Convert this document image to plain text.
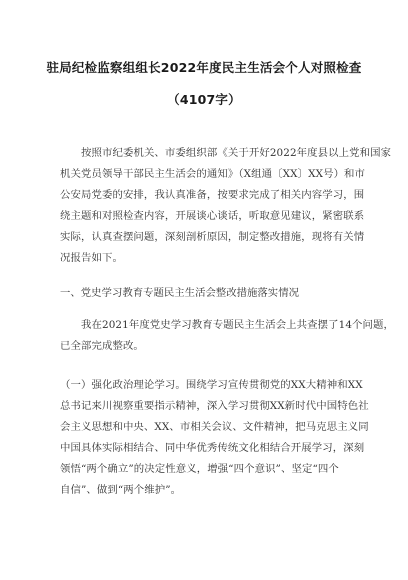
驻局纪检监察组组长2022年度民主生活会个人对照检查
（4107字）
按照市纪委机关、市委组织部《关于开好2022年度县以上党和国家
机关党员领导干部民主生活会的通知》（X组通〔XX〕XX号）和市
公安局党委的安排，我认真准备，按要求完成了相关内容学习，围
绕主题和对照检查内容，开展谈心谈话，听取意见建议，紧密联系
实际，认真查摆问题，深刻剖析原因，制定整改措施，现将有关情
况报告如下。
一、党史学习教育专题民主生活会整改措施落实情况
我在2021年度党史学习教育专题民主生活会上共查摆了14个问题，
已全部完成整改。
（一）强化政治理论学习。围绕学习宣传贯彻党的XX大精神和XX
总书记来川视察重要指示精神，深入学习贯彻XX新时代中国特色社
会主义思想和中央、XX、市相关会议、文件精神，把马克思主义同
中国具体实际相结合、同中华优秀传统文化相结合开展学习，深刻
领悟“两个确立”的决定性意义，增强“四个意识”、坚定“四个
自信”、做到“两个维护”。
